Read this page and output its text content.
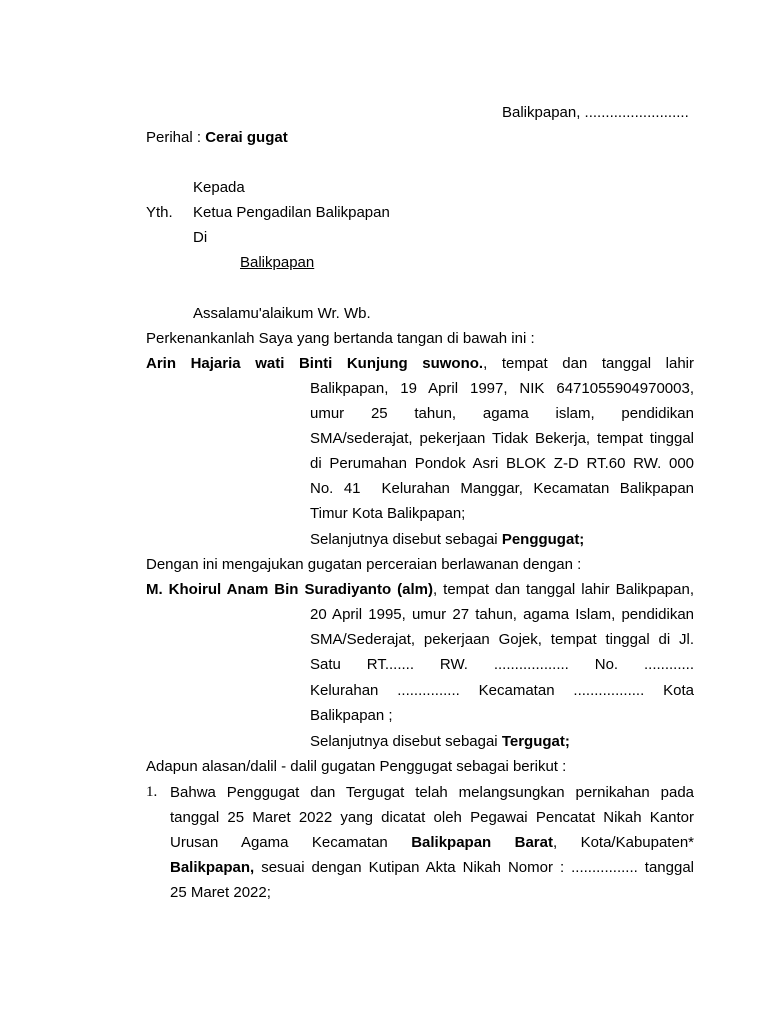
Balikpapan, .........................
Perihal : Cerai gugat
Kepada
Yth. Ketua Pengadilan Balikpapan
Di
Balikpapan
Assalamu'alaikum Wr. Wb.
Perkenankanlah Saya yang bertanda tangan di bawah ini :
Arin Hajaria wati Binti Kunjung suwono., tempat dan tanggal lahir
Balikpapan, 19 April 1997, NIK 6471055904970003,
umur 25 tahun, agama islam, pendidikan
SMA/sederajat, pekerjaan Tidak Bekerja, tempat tinggal
di Perumahan Pondok Asri BLOK Z-D RT.60 RW. 000
No. 41  Kelurahan Manggar, Kecamatan Balikpapan
Timur Kota Balikpapan;
Selanjutnya disebut sebagai Penggugat;
Dengan ini mengajukan gugatan perceraian berlawanan dengan :
M. Khoirul Anam Bin Suradiyanto (alm), tempat dan tanggal lahir Balikpapan,
20 April 1995, umur 27 tahun, agama Islam, pendidikan
SMA/Sederajat, pekerjaan Gojek, tempat tinggal di Jl.
Satu RT....... RW. .................. No. ............
Kelurahan ............... Kecamatan ................. Kota
Balikpapan ;
Selanjutnya disebut sebagai Tergugat;
Adapun alasan/dalil - dalil gugatan Penggugat sebagai berikut :
1. Bahwa Penggugat dan Tergugat telah melangsungkan pernikahan pada
tanggal 25 Maret 2022 yang dicatat oleh Pegawai Pencatat Nikah Kantor
Urusan Agama Kecamatan Balikpapan Barat, Kota/Kabupaten*
Balikpapan, sesuai dengan Kutipan Akta Nikah Nomor : ................ tanggal
25 Maret 2022;
